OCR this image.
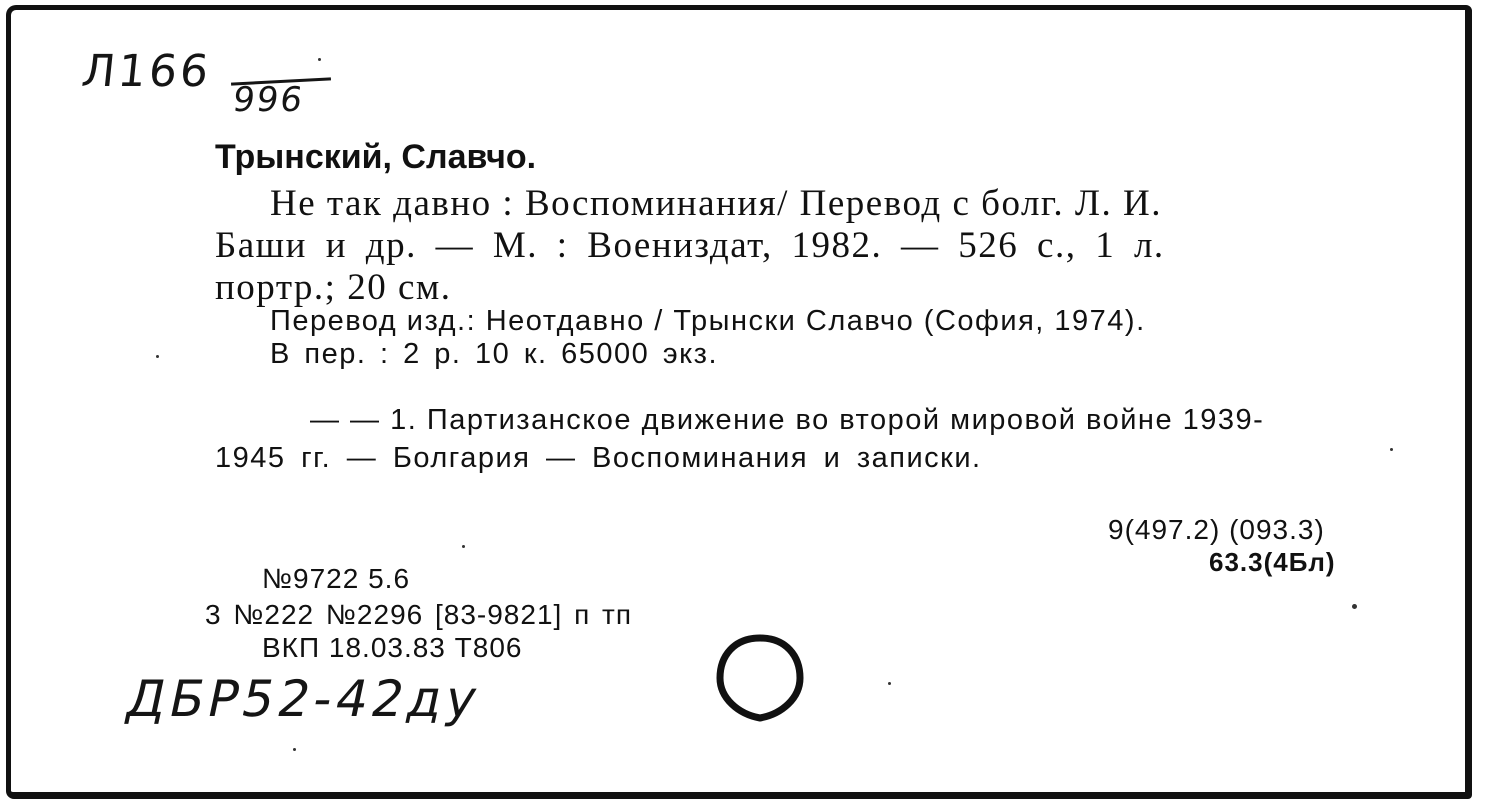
Л166
996
Трынский, Славчо.
Не так давно : Воспоминания/ Перевод с болг. Л. И.
Баши и др. — М. : Воениздат, 1982. — 526 с., 1 л.
портр.; 20 см.
Перевод изд.: Неотдавно / Трынски Славчо (София, 1974).
В пер. : 2 р. 10 к. 65000 экз.
— — 1. Партизанское движение во второй мировой войне 1939-
1945 гг. — Болгария — Воспоминания и записки.
9(497.2) (093.3)
63.3(4Бл)
№9722 5.6
3 №222 №2296 [83-9821] п тп
ВКП 18.03.83 Т806
ДБР52-42ду
